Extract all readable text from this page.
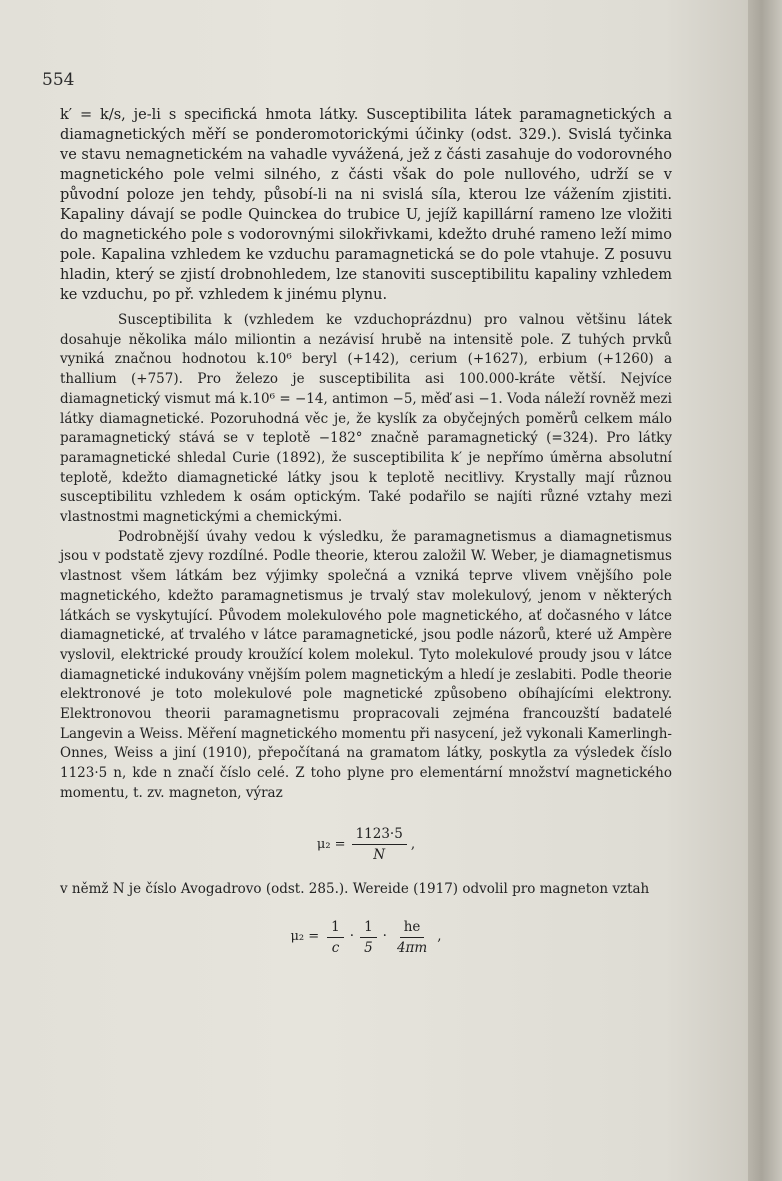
554

k′ = k/s, je-li s specifická hmota látky. Susceptibilita látek paramagnetických a diamagnetických měří se ponderomotorickými účinky (odst. 329.). Svislá tyčinka ve stavu nemagnetickém na vahadle vyvážená, jež z části zasahuje do vodorovného magnetického pole velmi silného, z části však do pole nullového, udrží se v původní poloze jen tehdy, působí-li na ni svislá síla, kterou lze vážením zjistiti. Kapaliny dávají se podle Quinckea do trubice U, jejíž kapillární rameno lze vložiti do magnetického pole s vodorovnými silokřivkami, kdežto druhé rameno leží mimo pole. Kapalina vzhledem ke vzduchu paramagnetická se do pole vtahuje. Z posuvu hladin, který se zjistí drobnohledem, lze stanoviti susceptibilitu kapaliny vzhledem ke vzduchu, po př. vzhledem k jinému plynu.

Susceptibilita k (vzhledem ke vzduchoprázdnu) pro valnou většinu látek dosahuje několika málo miliontin a nezávisí hrubě na intensitě pole. Z tuhých prvků vyniká značnou hodnotou k.10⁶ beryl (+142), cerium (+1627), erbium (+1260) a thallium (+757). Pro železo je susceptibilita asi 100.000-kráte větší. Nejvíce diamagnetický vismut má k.10⁶ = −14, antimon −5, měď asi −1. Voda náleží rovněž mezi látky diamagnetické. Pozoruhodná věc je, že kyslík za obyčejných poměrů celkem málo paramagnetický stává se v teplotě −182° značně paramagnetický (=324). Pro látky paramagnetické shledal Curie (1892), že susceptibilita k′ je nepřímo úměrna absolutní teplotě, kdežto diamagnetické látky jsou k teplotě necitlivy. Krystally mají různou susceptibilitu vzhledem k osám optickým. Také podařilo se najíti různé vztahy mezi vlastnostmi magnetickými a chemickými.

Podrobnější úvahy vedou k výsledku, že paramagnetismus a diamagnetismus jsou v podstatě zjevy rozdílné. Podle theorie, kterou založil W. Weber, je diamagnetismus vlastnost všem látkám bez výjimky společná a vzniká teprve vlivem vnějšího pole magnetického, kdežto paramagnetismus je trvalý stav molekulový, jenom v některých látkách se vyskytující. Původem molekulového pole magnetického, ať dočasného v látce diamagnetické, ať trvalého v látce paramagnetické, jsou podle názorů, které už Ampère vyslovil, elektrické proudy kroužící kolem molekul. Tyto molekulové proudy jsou v látce diamagnetické indukovány vnějším polem magnetickým a hledí je zeslabiti. Podle theorie elektronové je toto molekulové pole magnetické způsobeno obíhajícími elektrony. Elektronovou theorii paramagnetismu propracovali zejména francouzští badatelé Langevin a Weiss. Měření magnetického momentu při nasycení, jež vykonali Kamerlingh-Onnes, Weiss a jiní (1910), přepočítaná na gramatom látky, poskytla za výsledek číslo 1123·5 n, kde n značí číslo celé. Z toho plyne pro elementární množství magnetického momentu, t. zv. magneton, výraz

$\mu_2 = \frac{1123\cdot 5}{N}$ ,

v němž N je číslo Avogadrovo (odst. 285.). Wereide (1917) odvolil pro magneton vztah

$\mu_2 = \frac{1}{c} \cdot \frac{1}{5} \cdot \frac{he}{4\pi m}$ ,
